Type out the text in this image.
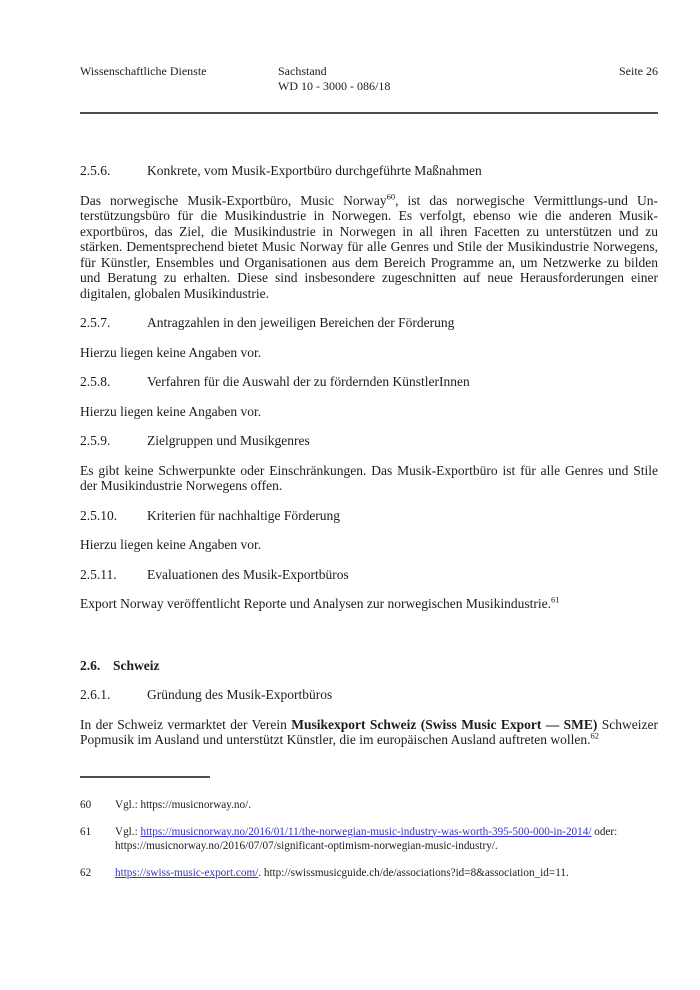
Wissenschaftliche Dienste	Sachstand
WD 10 - 3000 - 086/18
Seite 26
2.5.6.	Konkrete, vom Musik-Exportbüro durchgeführte Maßnahmen

Das norwegische Musik-Exportbüro, Music Norway$^{60}$, ist das norwegische Vermittlungs-und Unterstützungsbüro für die Musikindustrie in Norwegen. Es verfolgt, ebenso wie die anderen Musikexportbüros, das Ziel, die Musikindustrie in Norwegen in all ihren Facetten zu unterstützen und zu stärken. Dementsprechend bietet Music Norway für alle Genres und Stile der Musikindustrie Norwegens, für Künstler, Ensembles und Organisationen aus dem Bereich Programme an, um Netzwerke zu bilden und Beratung zu erhalten. Diese sind insbesondere zugeschnitten auf neue Herausforderungen einer digitalen, globalen Musikindustrie.

2.5.7.	Antragzahlen in den jeweiligen Bereichen der Förderung

Hierzu liegen keine Angaben vor.

2.5.8.	Verfahren für die Auswahl der zu fördernden KünstlerInnen

Hierzu liegen keine Angaben vor.

2.5.9.	Zielgruppen und Musikgenres

Es gibt keine Schwerpunkte oder Einschränkungen. Das Musik-Exportbüro ist für alle Genres und Stile der Musikindustrie Norwegens offen.

2.5.10.	Kriterien für nachhaltige Förderung

Hierzu liegen keine Angaben vor.

2.5.11.	Evaluationen des Musik-Exportbüros

Export Norway veröffentlicht Reporte und Analysen zur norwegischen Musikindustrie.$^{61}$

2.6. Schweiz
2.6.1.	Gründung des Musik-Exportbüros

In der Schweiz vermarktet der Verein Musikexport Schweiz (Swiss Music Export — SME) Schweizer Popmusik im Ausland und unterstützt Künstler, die im europäischen Ausland auftreten wollen.$^{62}$

60	Vgl.: https://musicnorway.no/.
61	Vgl.: https://musicnorway.no/2016/01/11/the-norwegian-music-industry-was-worth-395-500-000-in-2014/ oder: https://musicnorway.no/2016/07/07/significant-optimism-norwegian-music-industry/.
62	https://swiss-music-export.com/. http://swissmusicguide.ch/de/associations?id=8&association_id=11.
